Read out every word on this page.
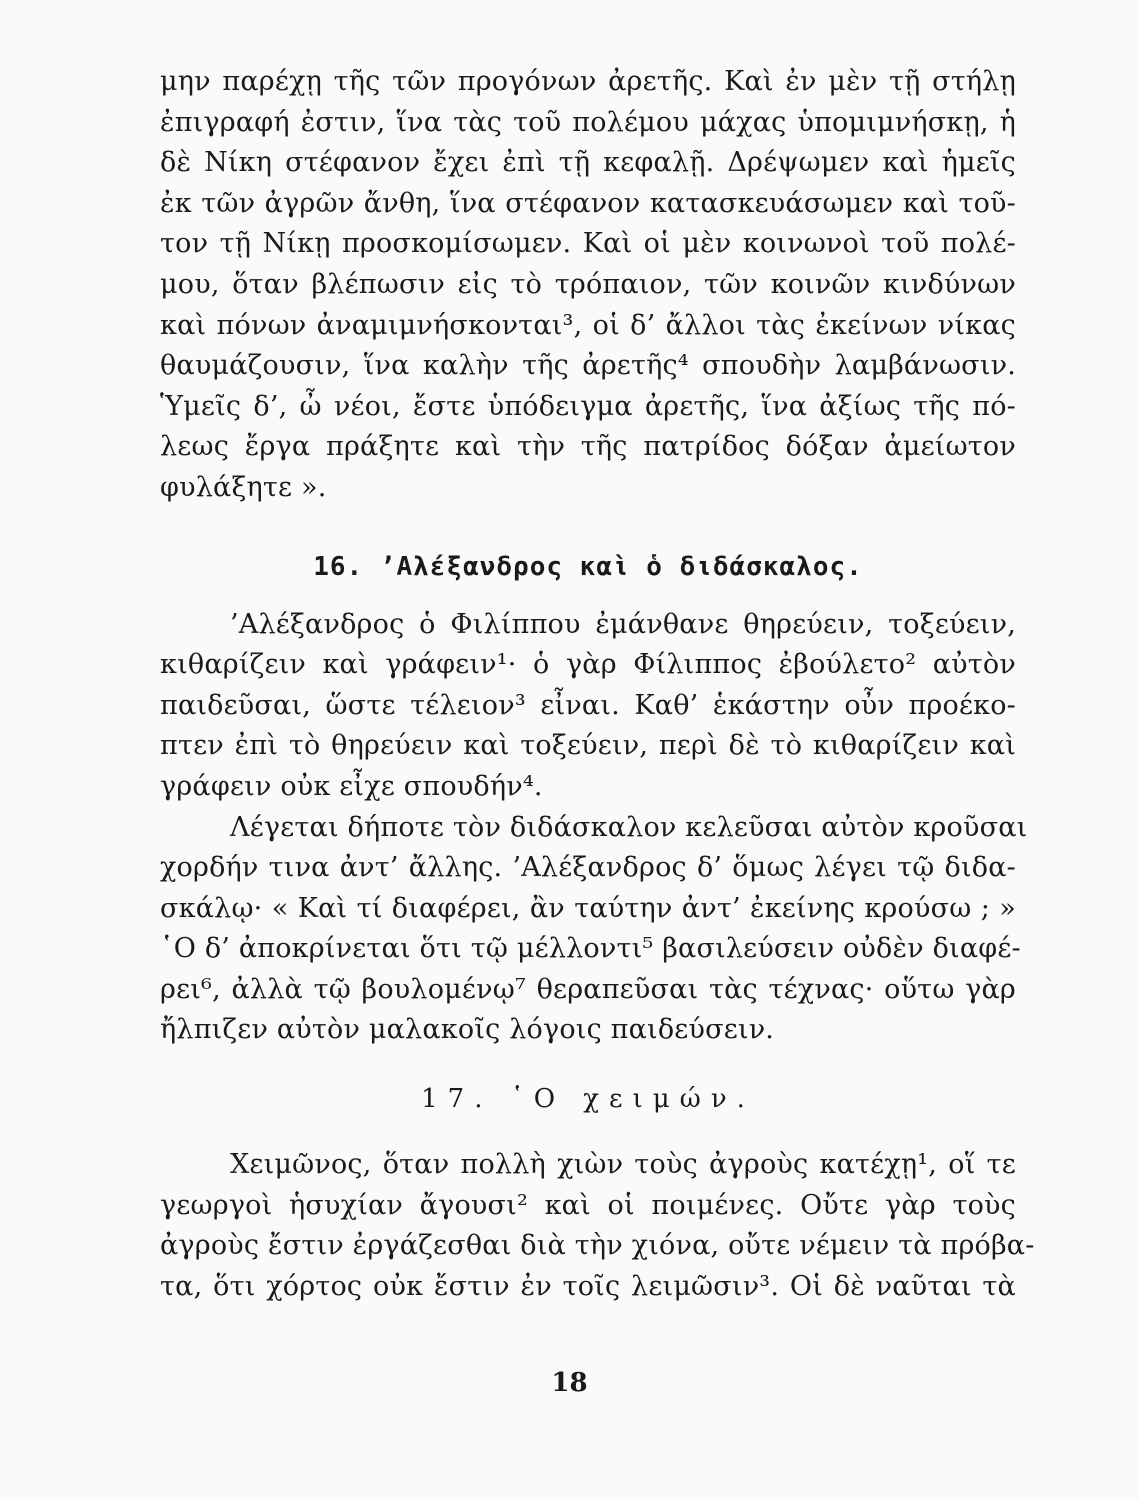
μην παρέχῃ τῆς τῶν προγόνων ἀρετῆς. Καὶ ἐν μὲν τῇ στήλῃ
ἐπιγραφή ἐστιν, ἵνα τὰς τοῦ πολέμου μάχας ὑπομιμνήσκῃ, ἡ
δὲ Νίκη στέφανον ἔχει ἐπὶ τῇ κεφαλῇ. Δρέψωμεν καὶ ἡμεῖς
ἐκ τῶν ἀγρῶν ἄνθη, ἵνα στέφανον κατασκευάσωμεν καὶ τοῦ-
τον τῇ Νίκῃ προσκομίσωμεν. Καὶ οἱ μὲν κοινωνοὶ τοῦ πολέ-
μου, ὅταν βλέπωσιν εἰς τὸ τρόπαιον, τῶν κοινῶν κινδύνων
καὶ πόνων ἀναμιμνήσκονται³, οἱ δ’ ἄλλοι τὰς ἐκείνων νίκας
θαυμάζουσιν, ἵνα καλὴν τῆς ἀρετῆς⁴ σπουδὴν λαμβάνωσιν.
Ὑμεῖς δ’, ὦ νέοι, ἔστε ὑπόδειγμα ἀρετῆς, ἵνα ἀξίως τῆς πό-
λεως ἔργα πράξητε καὶ τὴν τῆς πατρίδος δόξαν ἀμείωτον
φυλάξητε ».
16. ’Αλέξανδρος καὶ ὁ διδάσκαλος.
’Αλέξανδρος ὁ Φιλίππου ἐμάνθανε θηρεύειν, τοξεύειν,
κιθαρίζειν καὶ γράφειν¹· ὁ γὰρ Φίλιππος ἐβούλετο² αὐτὸν
παιδεῦσαι, ὥστε τέλειον³ εἶναι. Καθ’ ἑκάστην οὖν προέκο-
πτεν ἐπὶ τὸ θηρεύειν καὶ τοξεύειν, περὶ δὲ τὸ κιθαρίζειν καὶ
γράφειν οὐκ εἶχε σπουδήν⁴.
Λέγεται δήποτε τὸν διδάσκαλον κελεῦσαι αὐτὸν κροῦσαι
χορδήν τινα ἀντ’ ἄλλης. ’Αλέξανδρος δ’ ὅμως λέγει τῷ διδα-
σκάλῳ· « Καὶ τί διαφέρει, ἂν ταύτην ἀντ’ ἐκείνης κρούσω ; »
῾Ο δ’ ἀποκρίνεται ὅτι τῷ μέλλοντι⁵ βασιλεύσειν οὐδὲν διαφέ-
ρει⁶, ἀλλὰ τῷ βουλομένῳ⁷ θεραπεῦσαι τὰς τέχνας· οὕτω γὰρ
ἤλπιζεν αὐτὸν μαλακοῖς λόγοις παιδεύσειν.
17. ῾Ο χειμών.
Χειμῶνος, ὅταν πολλὴ χιὼν τοὺς ἀγροὺς κατέχῃ¹, οἵ τε
γεωργοὶ ἡσυχίαν ἄγουσι² καὶ οἱ ποιμένες. Οὔτε γὰρ τοὺς
ἀγροὺς ἔστιν ἐργάζεσθαι διὰ τὴν χιόνα, οὔτε νέμειν τὰ πρόβα-
τα, ὅτι χόρτος οὐκ ἔστιν ἐν τοῖς λειμῶσιν³. Οἱ δὲ ναῦται τὰ
18
